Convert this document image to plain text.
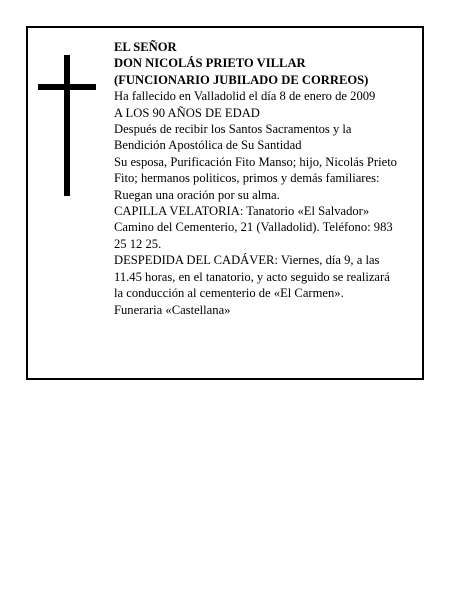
EL SEÑOR
DON NICOLÁS PRIETO VILLAR
(FUNCIONARIO JUBILADO DE CORREOS)
Ha fallecido en Valladolid el día 8 de enero de 2009
A LOS 90 AÑOS DE EDAD
Después de recibir los Santos Sacramentos y la
Bendición Apostólica de Su Santidad
Su esposa, Purificación Fito Manso; hijo, Nicolás Prieto
Fito; hermanos politicos, primos y demás familiares:
Ruegan una oración por su alma.
CAPILLA VELATORIA: Tanatorio «El Salvador»
Camino del Cementerio, 21 (Valladolid). Teléfono: 983
25 12 25.
DESPEDIDA DEL CADÁVER: Viernes, día 9, a las
11.45 horas, en el tanatorio, y acto seguido se realizará
la conducción al cementerio de «El Carmen».
Funeraria «Castellana»
